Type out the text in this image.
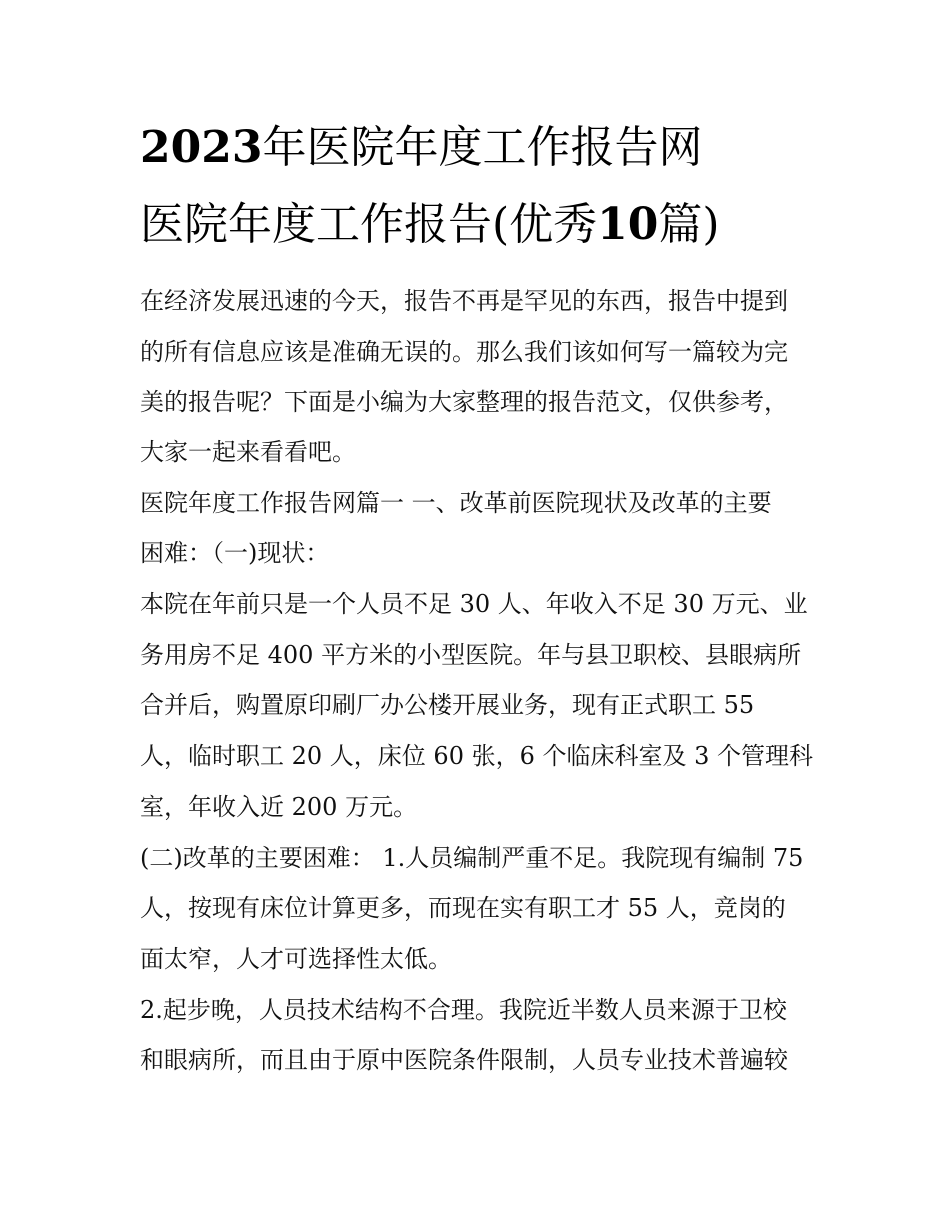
2023年医院年度工作报告网
医院年度工作报告(优秀10篇)

在经济发展迅速的今天，报告不再是罕见的东西，报告中提到

的所有信息应该是准确无误的。那么我们该如何写一篇较为完

美的报告呢？下面是小编为大家整理的报告范文，仅供参考，

大家一起来看看吧。

医院年度工作报告网篇一 一、改革前医院现状及改革的主要

困难：（一)现状：

本院在年前只是一个人员不足 30 人、年收入不足 30 万元、业

务用房不足 400 平方米的小型医院。年与县卫职校、县眼病所

合并后，购置原印刷厂办公楼开展业务，现有正式职工 55

人，临时职工 20 人，床位 60 张，6 个临床科室及 3 个管理科

室，年收入近 200 万元。

(二)改革的主要困难： 1.人员编制严重不足。我院现有编制 75

人，按现有床位计算更多，而现在实有职工才 55 人，竞岗的

面太窄，人才可选择性太低。

2.起步晚，人员技术结构不合理。我院近半数人员来源于卫校

和眼病所，而且由于原中医院条件限制，人员专业技术普遍较
